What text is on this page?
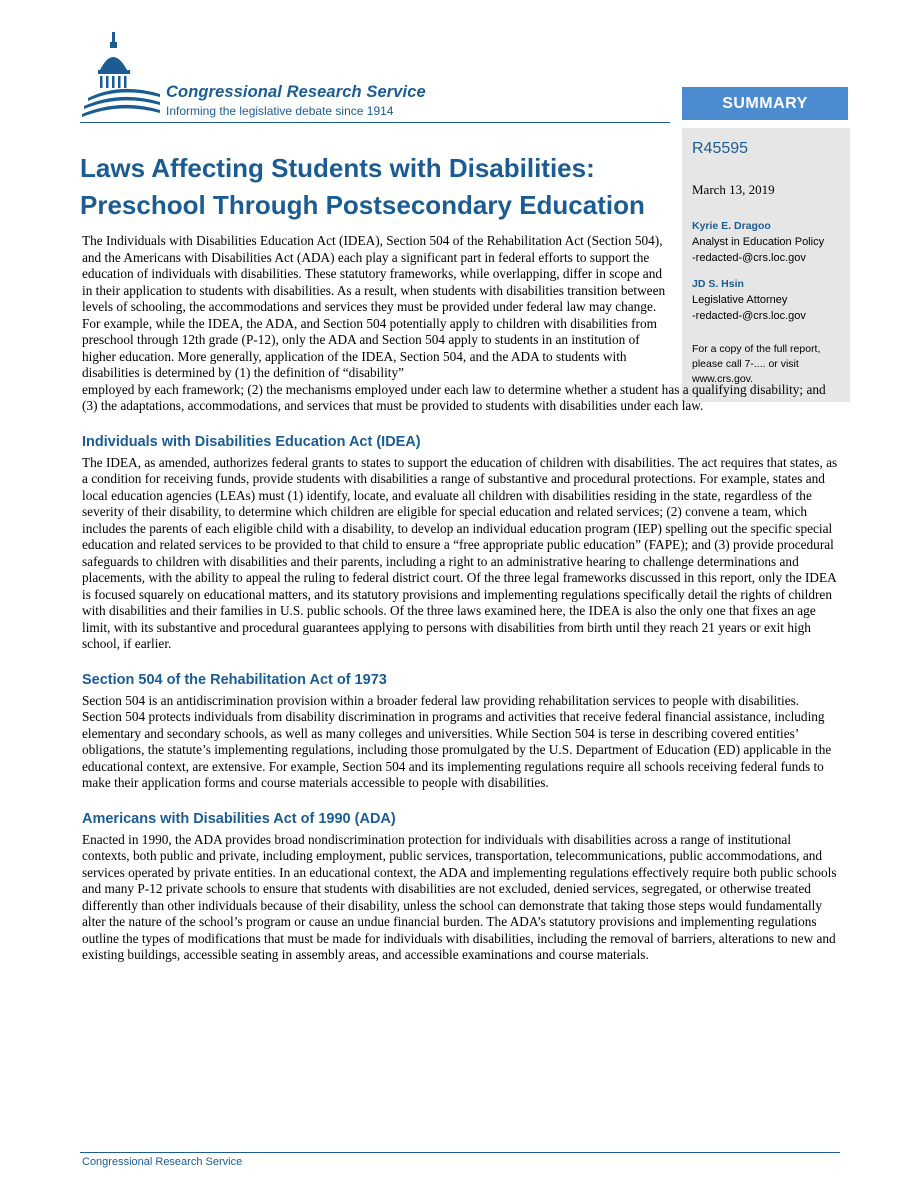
Congressional Research Service
Informing the legislative debate since 1914	SUMMARY
R45595
March 13, 2019
Kyrie E. Dragoo
Analyst in Education Policy
-redacted-@crs.loc.gov
JD S. Hsin
Legislative Attorney
-redacted-@crs.loc.gov
For a copy of the full report, please call 7-.... or visit www.crs.gov.
Laws Affecting Students with Disabilities:
Preschool Through Postsecondary Education

The Individuals with Disabilities Education Act (IDEA), Section 504 of the Rehabilitation Act (Section 504), and the Americans with Disabilities Act (ADA) each play a significant part in federal efforts to support the education of individuals with disabilities. These statutory frameworks, while overlapping, differ in scope and in their application to students with disabilities. As a result, when students with disabilities transition between levels of schooling, the accommodations and services they must be provided under federal law may change. For example, while the IDEA, the ADA, and Section 504 potentially apply to children with disabilities from preschool through 12th grade (P-12), only the ADA and Section 504 apply to students in an institution of higher education. More generally, application of the IDEA, Section 504, and the ADA to students with disabilities is determined by (1) the definition of “disability”

employed by each framework; (2) the mechanisms employed under each law to determine whether a student has a qualifying disability; and (3) the adaptations, accommodations, and services that must be provided to students with disabilities under each law.

Individuals with Disabilities Education Act (IDEA)

The IDEA, as amended, authorizes federal grants to states to support the education of children with disabilities. The act requires that states, as a condition for receiving funds, provide students with disabilities a range of substantive and procedural protections. For example, states and local education agencies (LEAs) must (1) identify, locate, and evaluate all children with disabilities residing in the state, regardless of the severity of their disability, to determine which children are eligible for special education and related services; (2) convene a team, which includes the parents of each eligible child with a disability, to develop an individual education program (IEP) spelling out the specific special education and related services to be provided to that child to ensure a “free appropriate public education” (FAPE); and (3) provide procedural safeguards to children with disabilities and their parents, including a right to an administrative hearing to challenge determinations and placements, with the ability to appeal the ruling to federal district court. Of the three legal frameworks discussed in this report, only the IDEA is focused squarely on educational matters, and its statutory provisions and implementing regulations specifically detail the rights of children with disabilities and their families in U.S. public schools. Of the three laws examined here, the IDEA is also the only one that fixes an age limit, with its substantive and procedural guarantees applying to persons with disabilities from birth until they reach 21 years or exit high school, if earlier.

Section 504 of the Rehabilitation Act of 1973

Section 504 is an antidiscrimination provision within a broader federal law providing rehabilitation services to people with disabilities. Section 504 protects individuals from disability discrimination in programs and activities that receive federal financial assistance, including elementary and secondary schools, as well as many colleges and universities. While Section 504 is terse in describing covered entities’ obligations, the statute’s implementing regulations, including those promulgated by the U.S. Department of Education (ED) applicable in the educational context, are extensive. For example, Section 504 and its implementing regulations require all schools receiving federal funds to make their application forms and course materials accessible to people with disabilities.

Americans with Disabilities Act of 1990 (ADA)

Enacted in 1990, the ADA provides broad nondiscrimination protection for individuals with disabilities across a range of institutional contexts, both public and private, including employment, public services, transportation, telecommunications, public accommodations, and services operated by private entities. In an educational context, the ADA and implementing regulations effectively require both public schools and many P-12 private schools to ensure that students with disabilities are not excluded, denied services, segregated, or otherwise treated differently than other individuals because of their disability, unless the school can demonstrate that taking those steps would fundamentally alter the nature of the school’s program or cause an undue financial burden. The ADA’s statutory provisions and implementing regulations outline the types of modifications that must be made for individuals with disabilities, including the removal of barriers, alterations to new and existing buildings, accessible seating in assembly areas, and accessible examinations and course materials.

Congressional Research Service
